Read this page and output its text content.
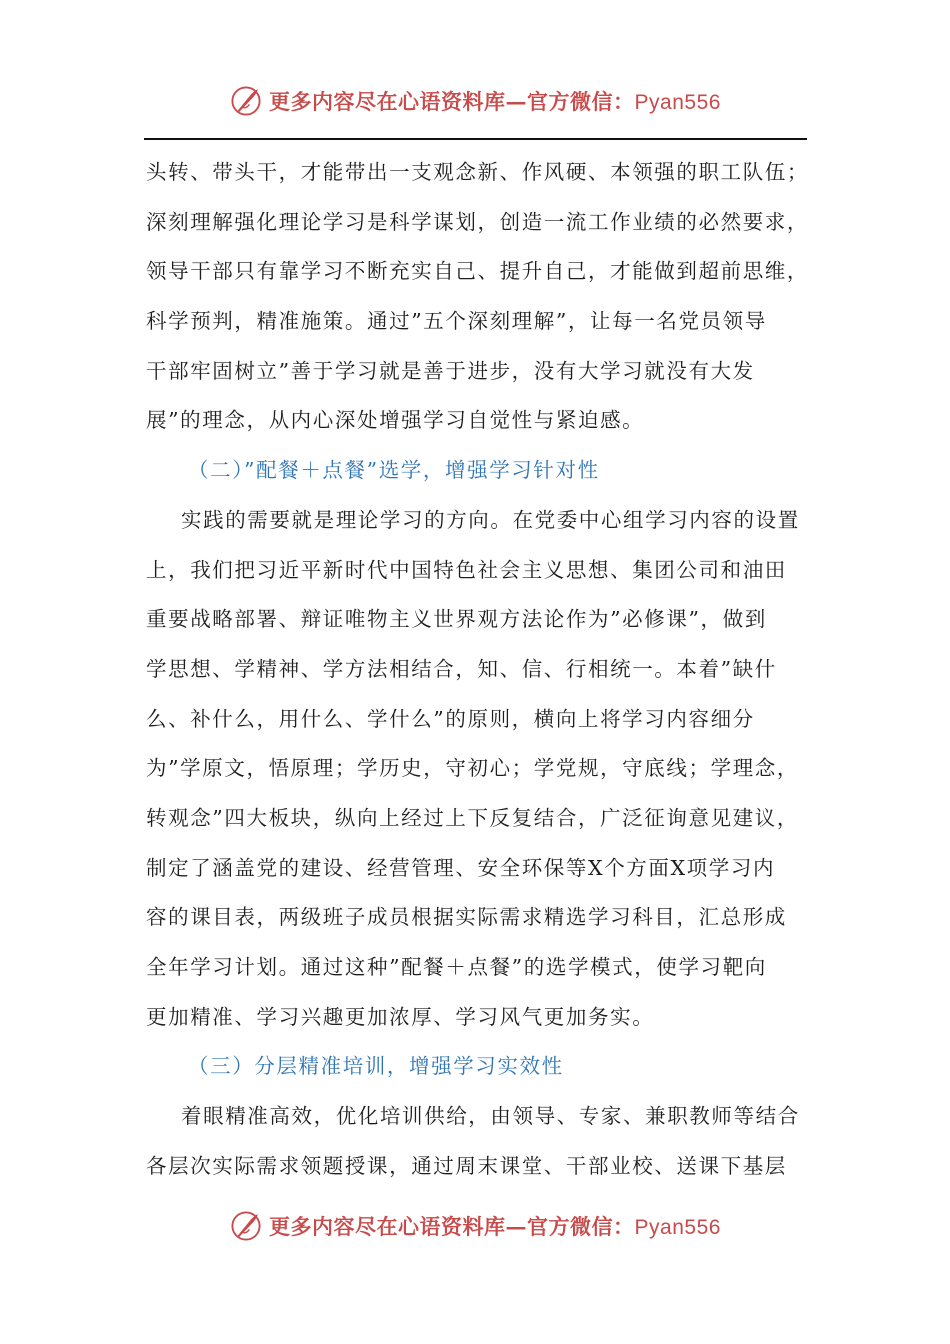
更多内容尽在心语资料库—官方微信：Pyan556
头转、带头干，才能带出一支观念新、作风硬、本领强的职工队伍；
深刻理解强化理论学习是科学谋划，创造一流工作业绩的必然要求，
领导干部只有靠学习不断充实自己、提升自己，才能做到超前思维，
科学预判，精准施策。通过”五个深刻理解”，让每一名党员领导
干部牢固树立”善于学习就是善于进步，没有大学习就没有大发
展”的理念，从内心深处增强学习自觉性与紧迫感。
（二）”配餐＋点餐”选学，增强学习针对性
实践的需要就是理论学习的方向。在党委中心组学习内容的设置
上，我们把习近平新时代中国特色社会主义思想、集团公司和油田
重要战略部署、辩证唯物主义世界观方法论作为”必修课”，做到
学思想、学精神、学方法相结合，知、信、行相统一。本着”缺什
么、补什么，用什么、学什么”的原则，横向上将学习内容细分
为”学原文，悟原理；学历史，守初心；学党规，守底线；学理念，
转观念”四大板块，纵向上经过上下反复结合，广泛征询意见建议，
制定了涵盖党的建设、经营管理、安全环保等X个方面X项学习内
容的课目表，两级班子成员根据实际需求精选学习科目，汇总形成
全年学习计划。通过这种”配餐＋点餐”的选学模式，使学习靶向
更加精准、学习兴趣更加浓厚、学习风气更加务实。
（三）分层精准培训，增强学习实效性
着眼精准高效，优化培训供给，由领导、专家、兼职教师等结合
各层次实际需求领题授课，通过周末课堂、干部业校、送课下基层
更多内容尽在心语资料库—官方微信：Pyan556
